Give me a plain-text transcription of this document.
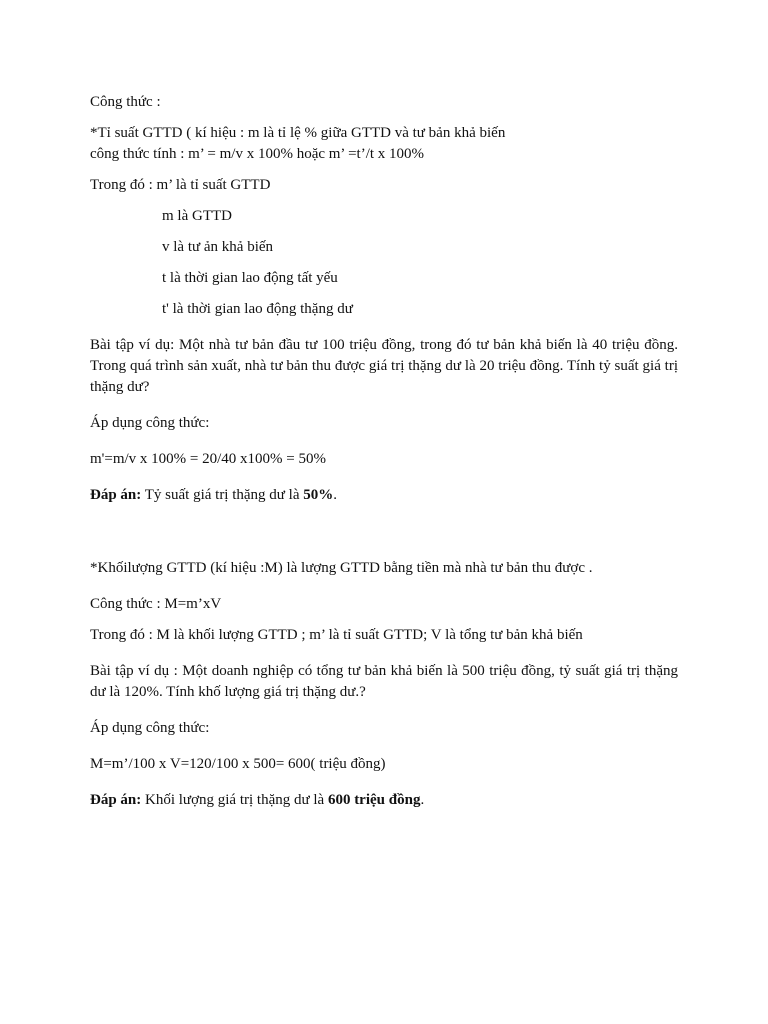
Công thức :
*Tỉ suất GTTD ( kí hiệu : m là tỉ lệ % giữa GTTD và tư bản khả biến
công thức tính : m’ = m/v x 100% hoặc m’ =t’/t x 100%
Trong đó : m’ là tỉ suất GTTD
m là GTTD
v là tư ản khả biến
t là thời gian lao động tất yếu
t' là thời gian lao động thặng dư
Bài tập ví dụ: Một nhà tư bản đầu tư 100 triệu đồng, trong đó tư bản khả biến là 40 triệu đồng. Trong quá trình sản xuất, nhà tư bản thu được giá trị thặng dư là 20 triệu đồng. Tính tỷ suất giá trị thặng dư?
Áp dụng công thức:
m'=m/v x 100% = 20/40 x100% = 50%
Đáp án: Tỷ suất giá trị thặng dư là 50%.
*Khốilượng GTTD (kí hiệu :M) là lượng GTTD bằng tiền mà nhà tư bản thu được .
Công thức : M=m’xV
Trong đó : M là khối lượng GTTD ; m’ là tỉ suất GTTD; V là tổng tư bản khả biến
Bài tập ví dụ : Một doanh nghiệp có tổng tư bản khả biến là 500 triệu đồng, tỷ suất giá trị thặng dư là 120%. Tính khố lượng giá trị thặng dư.?
Áp dụng công thức:
M=m’/100 x V=120/100 x 500= 600( triệu đồng)
Đáp án: Khối lượng giá trị thặng dư là 600 triệu đồng.
